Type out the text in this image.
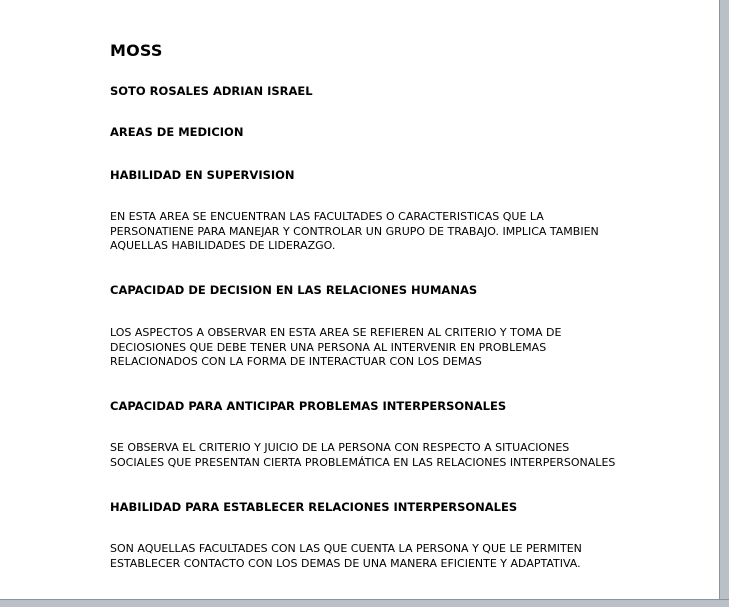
MOSS

SOTO ROSALES ADRIAN ISRAEL

AREAS DE MEDICION

HABILIDAD EN SUPERVISION

EN ESTA AREA SE ENCUENTRAN LAS FACULTADES O CARACTERISTICAS QUE LA
PERSONATIENE PARA MANEJAR Y CONTROLAR UN GRUPO DE TRABAJO. IMPLICA TAMBIEN
AQUELLAS HABILIDADES DE LIDERAZGO.

CAPACIDAD DE DECISION EN LAS RELACIONES HUMANAS

LOS ASPECTOS A OBSERVAR EN ESTA AREA SE REFIEREN AL CRITERIO Y TOMA DE
DECIOSIONES QUE DEBE TENER UNA PERSONA AL INTERVENIR EN PROBLEMAS
RELACIONADOS CON LA FORMA DE INTERACTUAR CON LOS DEMAS

CAPACIDAD PARA ANTICIPAR PROBLEMAS INTERPERSONALES

SE OBSERVA EL CRITERIO Y JUICIO DE LA PERSONA CON RESPECTO A SITUACIONES
SOCIALES QUE PRESENTAN CIERTA PROBLEMÁTICA EN LAS RELACIONES INTERPERSONALES

HABILIDAD PARA ESTABLECER RELACIONES INTERPERSONALES

SON AQUELLAS FACULTADES CON LAS QUE CUENTA LA PERSONA Y QUE LE PERMITEN
ESTABLECER CONTACTO CON LOS DEMAS DE UNA MANERA EFICIENTE Y ADAPTATIVA.
